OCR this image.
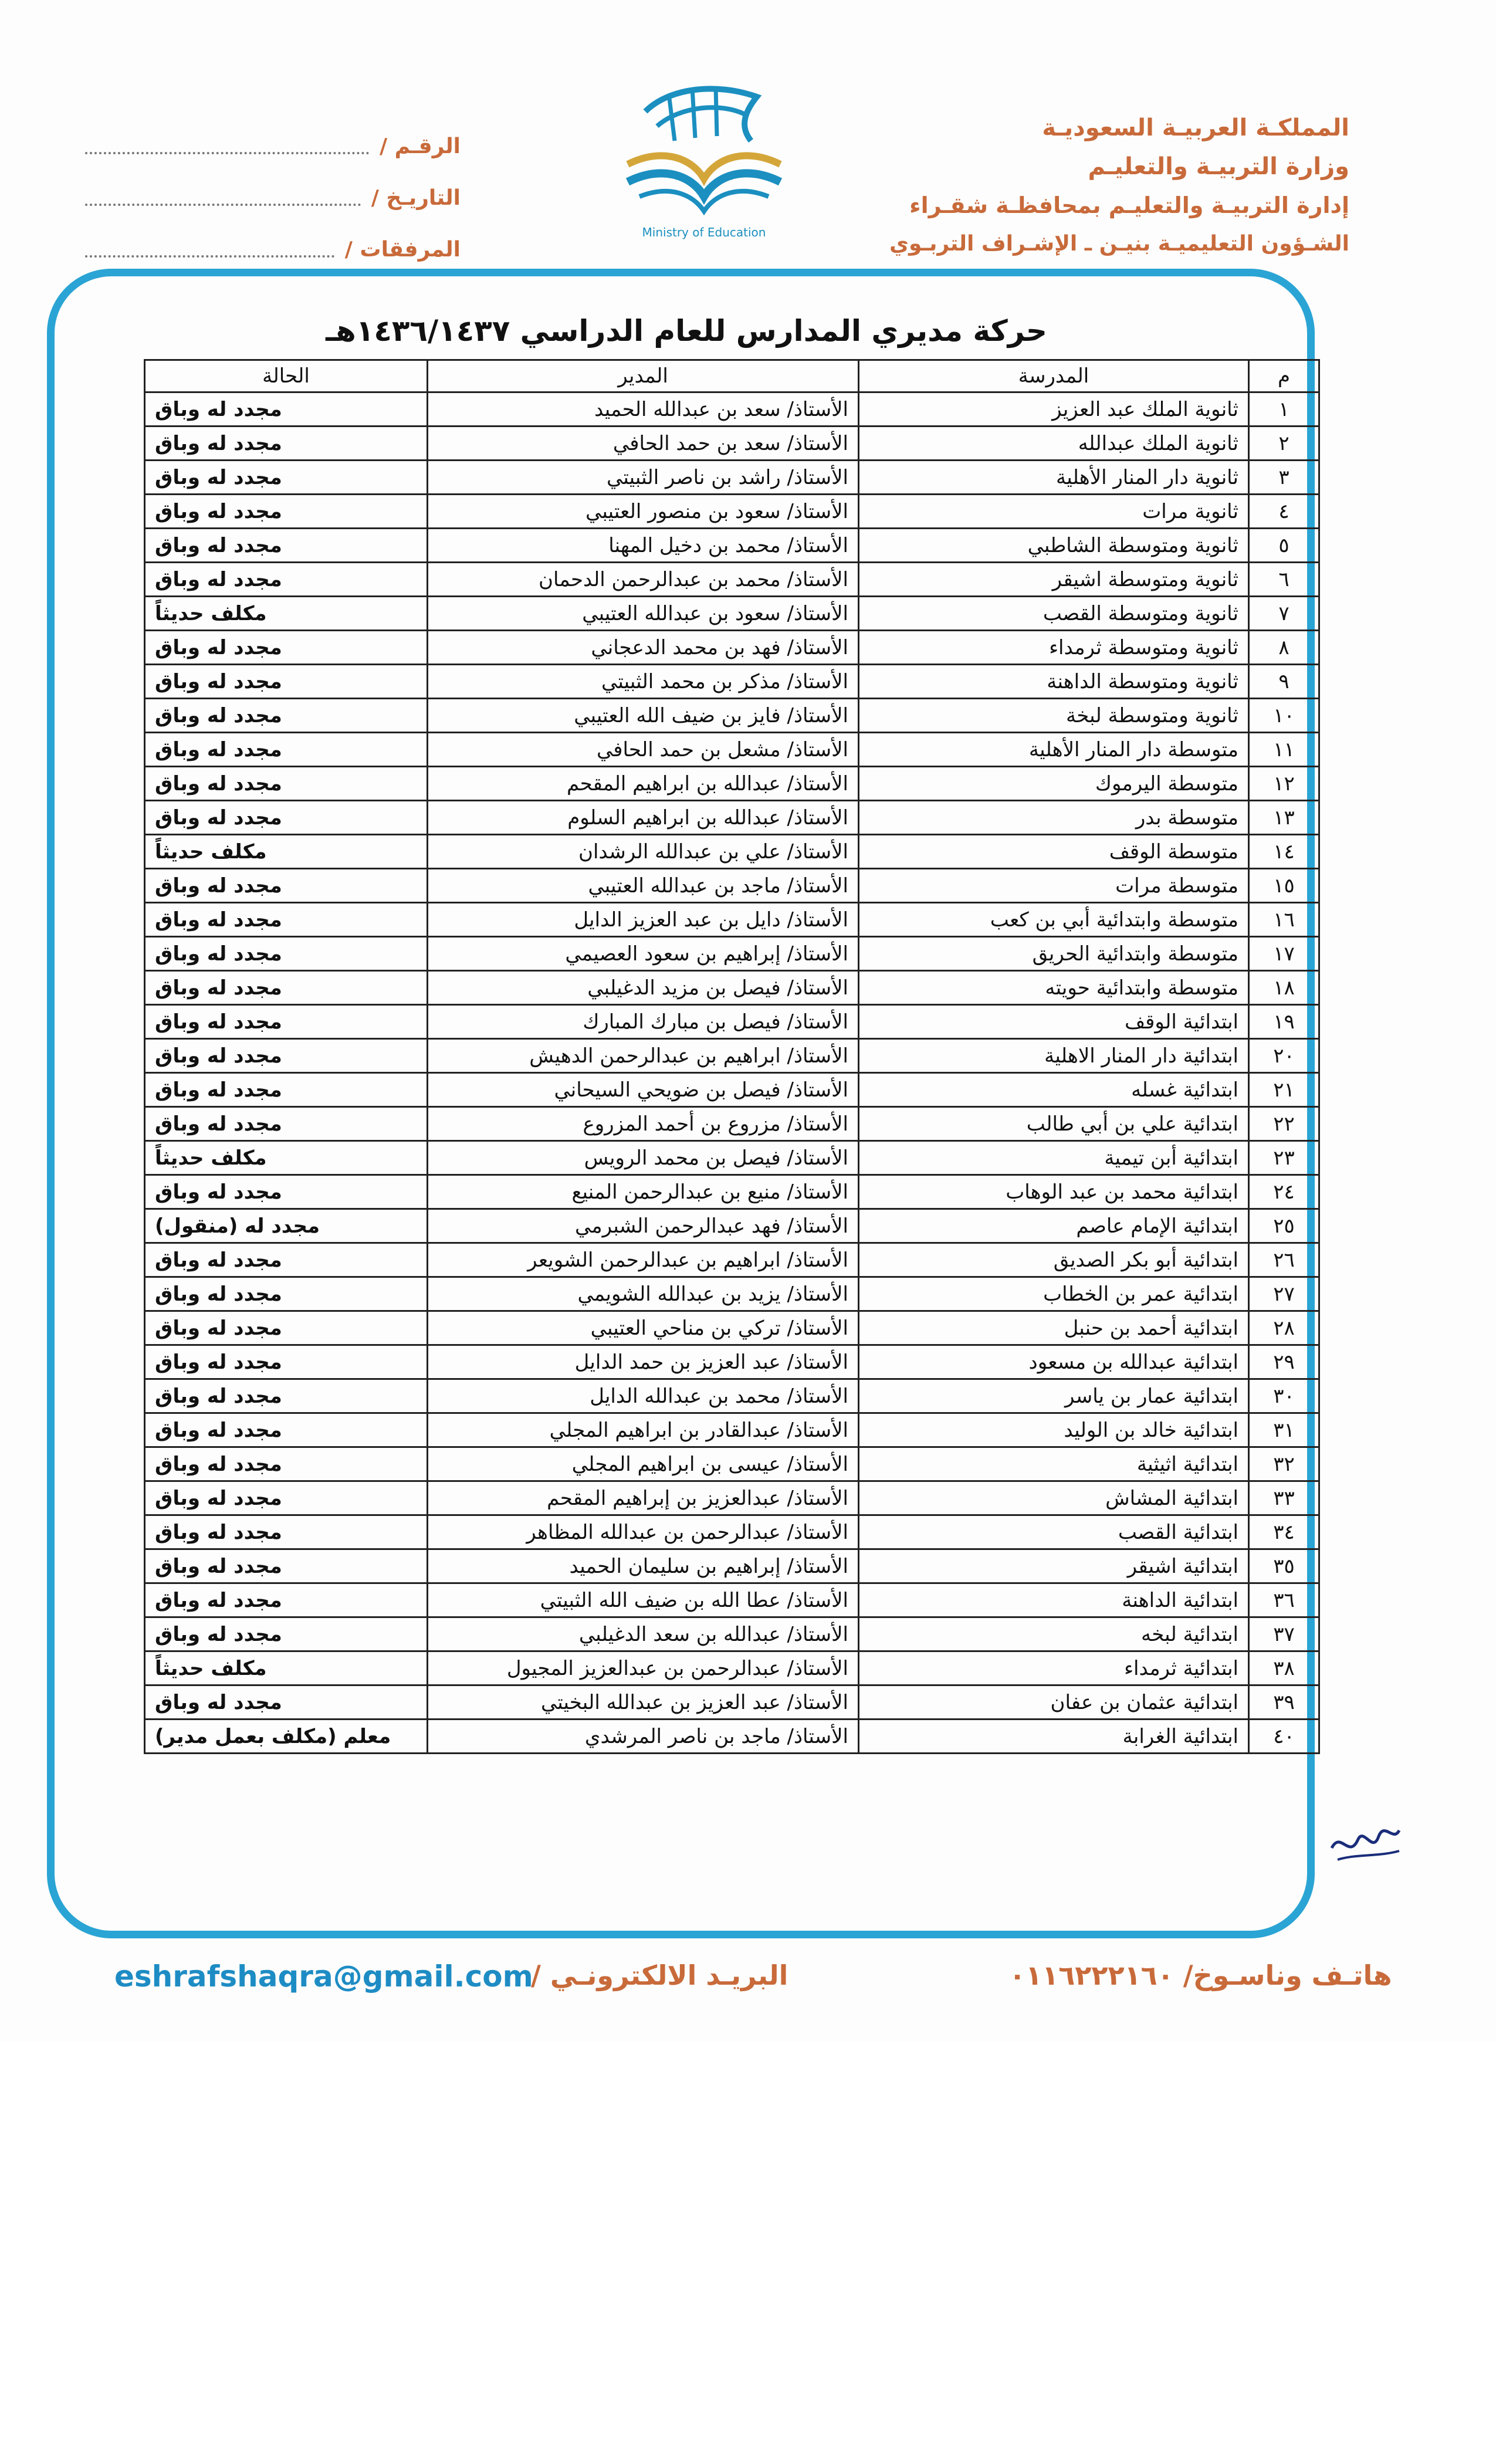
المملكـة العربيـة السعوديـة
وزارة التربيـة والتعليـم
إدارة التربيـة والتعليـم بمحافظـة شقـراء
الشـؤون التعليميـة بنيـن ـ الإشـراف التربـوي
Ministry of Education
الرقـم /
التاريـخ /
المرفقات /
حركة مديري المدارس للعام الدراسي ١٤٣٦/١٤٣٧هـ
م	المدرسة	المدير	الحالة
١	ثانوية الملك عبد العزيز	الأستاذ/ سعد بن عبدالله الحميد	مجدد له وباق
٢	ثانوية الملك عبدالله	الأستاذ/ سعد بن حمد الحافي	مجدد له وباق
٣	ثانوية دار المنار الأهلية	الأستاذ/ راشد بن ناصر الثبيتي	مجدد له وباق
٤	ثانوية مرات	الأستاذ/ سعود بن منصور العتيبي	مجدد له وباق
٥	ثانوية ومتوسطة الشاطبي	الأستاذ/ محمد بن دخيل المهنا	مجدد له وباق
٦	ثانوية ومتوسطة اشيقر	الأستاذ/ محمد بن عبدالرحمن الدحمان	مجدد له وباق
٧	ثانوية ومتوسطة القصب	الأستاذ/ سعود بن عبدالله العتيبي	مكلف حديثاً
٨	ثانوية ومتوسطة ثرمداء	الأستاذ/ فهد بن محمد الدعجاني	مجدد له وباق
٩	ثانوية ومتوسطة الداهنة	الأستاذ/ مذكر بن محمد الثبيتي	مجدد له وباق
١٠	ثانوية ومتوسطة لبخة	الأستاذ/ فايز بن ضيف الله العتيبي	مجدد له وباق
١١	متوسطة دار المنار الأهلية	الأستاذ/ مشعل بن حمد الحافي	مجدد له وباق
١٢	متوسطة اليرموك	الأستاذ/ عبدالله بن ابراهيم المقحم	مجدد له وباق
١٣	متوسطة بدر	الأستاذ/ عبدالله بن ابراهيم السلوم	مجدد له وباق
١٤	متوسطة الوقف	الأستاذ/ علي بن عبدالله الرشدان	مكلف حديثاً
١٥	متوسطة مرات	الأستاذ/ ماجد بن عبدالله العتيبي	مجدد له وباق
١٦	متوسطة وابتدائية أبي بن كعب	الأستاذ/ دايل بن عبد العزيز الدايل	مجدد له وباق
١٧	متوسطة وابتدائية الحريق	الأستاذ/ إبراهيم بن سعود العصيمي	مجدد له وباق
١٨	متوسطة وابتدائية حويته	الأستاذ/ فيصل بن مزيد الدغيلبي	مجدد له وباق
١٩	ابتدائية الوقف	الأستاذ/ فيصل بن مبارك المبارك	مجدد له وباق
٢٠	ابتدائية دار المنار الاهلية	الأستاذ/ ابراهيم بن عبدالرحمن الدهيش	مجدد له وباق
٢١	ابتدائية غسله	الأستاذ/ فيصل بن ضويحي السيحاني	مجدد له وباق
٢٢	ابتدائية علي بن أبي طالب	الأستاذ/ مزروع بن أحمد المزروع	مجدد له وباق
٢٣	ابتدائية أبن تيمية	الأستاذ/ فيصل بن محمد الرويس	مكلف حديثاً
٢٤	ابتدائية محمد بن عبد الوهاب	الأستاذ/ منيع بن عبدالرحمن المنيع	مجدد له وباق
٢٥	ابتدائية الإمام عاصم	الأستاذ/ فهد عبدالرحمن الشبرمي	مجدد له (منقول)
٢٦	ابتدائية أبو بكر الصديق	الأستاذ/ ابراهيم بن عبدالرحمن الشويعر	مجدد له وباق
٢٧	ابتدائية عمر بن الخطاب	الأستاذ/ يزيد بن عبدالله الشويمي	مجدد له وباق
٢٨	ابتدائية أحمد بن حنبل	الأستاذ/ تركي بن مناحي العتيبي	مجدد له وباق
٢٩	ابتدائية عبدالله بن مسعود	الأستاذ/ عبد العزيز بن حمد الدايل	مجدد له وباق
٣٠	ابتدائية عمار بن ياسر	الأستاذ/ محمد بن عبدالله الدايل	مجدد له وباق
٣١	ابتدائية خالد بن الوليد	الأستاذ/ عبدالقادر بن ابراهيم المجلي	مجدد له وباق
٣٢	ابتدائية اثيثية	الأستاذ/ عيسى بن ابراهيم المجلي	مجدد له وباق
٣٣	ابتدائية المشاش	الأستاذ/ عبدالعزيز بن إبراهيم المقحم	مجدد له وباق
٣٤	ابتدائية القصب	الأستاذ/ عبدالرحمن بن عبدالله المظاهر	مجدد له وباق
٣٥	ابتدائية اشيقر	الأستاذ/ إبراهيم بن سليمان الحميد	مجدد له وباق
٣٦	ابتدائية الداهنة	الأستاذ/ عطا الله بن ضيف الله الثبيتي	مجدد له وباق
٣٧	ابتدائية لبخه	الأستاذ/ عبدالله بن سعد الدغيلبي	مجدد له وباق
٣٨	ابتدائية ثرمداء	الأستاذ/ عبدالرحمن بن عبدالعزيز المجيول	مكلف حديثاً
٣٩	ابتدائية عثمان بن عفان	الأستاذ/ عبد العزيز بن عبدالله البخيتي	مجدد له وباق
٤٠	ابتدائية الغرابة	الأستاذ/ ماجد بن ناصر المرشدي	معلم (مكلف بعمل مدير)
eshrafshaqra@gmail.com
البريـد الالكترونـي /	هاتـف وناسـوخ/ ٠١١٦٢٢٢١٦٠
